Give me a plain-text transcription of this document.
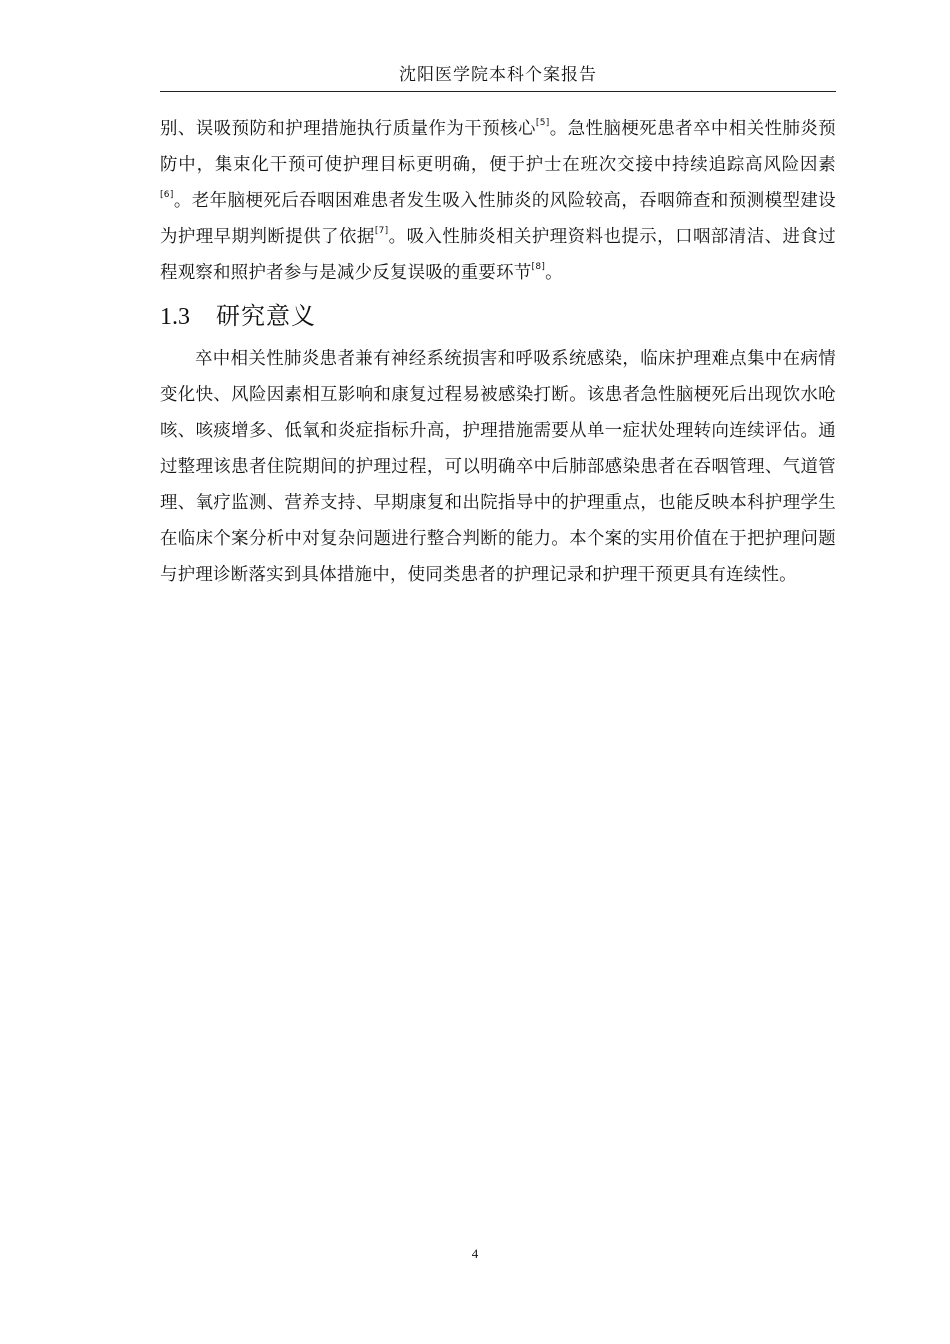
沈阳医学院本科个案报告
别、误吸预防和护理措施执行质量作为干预核心[5]。急性脑梗死患者卒中相关性肺炎预防中，集束化干预可使护理目标更明确，便于护士在班次交接中持续追踪高风险因素[6]。老年脑梗死后吞咽困难患者发生吸入性肺炎的风险较高，吞咽筛查和预测模型建设为护理早期判断提供了依据[7]。吸入性肺炎相关护理资料也提示，口咽部清洁、进食过程观察和照护者参与是减少反复误吸的重要环节[8]。
1.3 研究意义
卒中相关性肺炎患者兼有神经系统损害和呼吸系统感染，临床护理难点集中在病情变化快、风险因素相互影响和康复过程易被感染打断。该患者急性脑梗死后出现饮水呛咳、咳痰增多、低氧和炎症指标升高，护理措施需要从单一症状处理转向连续评估。通过整理该患者住院期间的护理过程，可以明确卒中后肺部感染患者在吞咽管理、气道管理、氧疗监测、营养支持、早期康复和出院指导中的护理重点，也能反映本科护理学生在临床个案分析中对复杂问题进行整合判断的能力。本个案的实用价值在于把护理问题与护理诊断落实到具体措施中，使同类患者的护理记录和护理干预更具有连续性。
4
